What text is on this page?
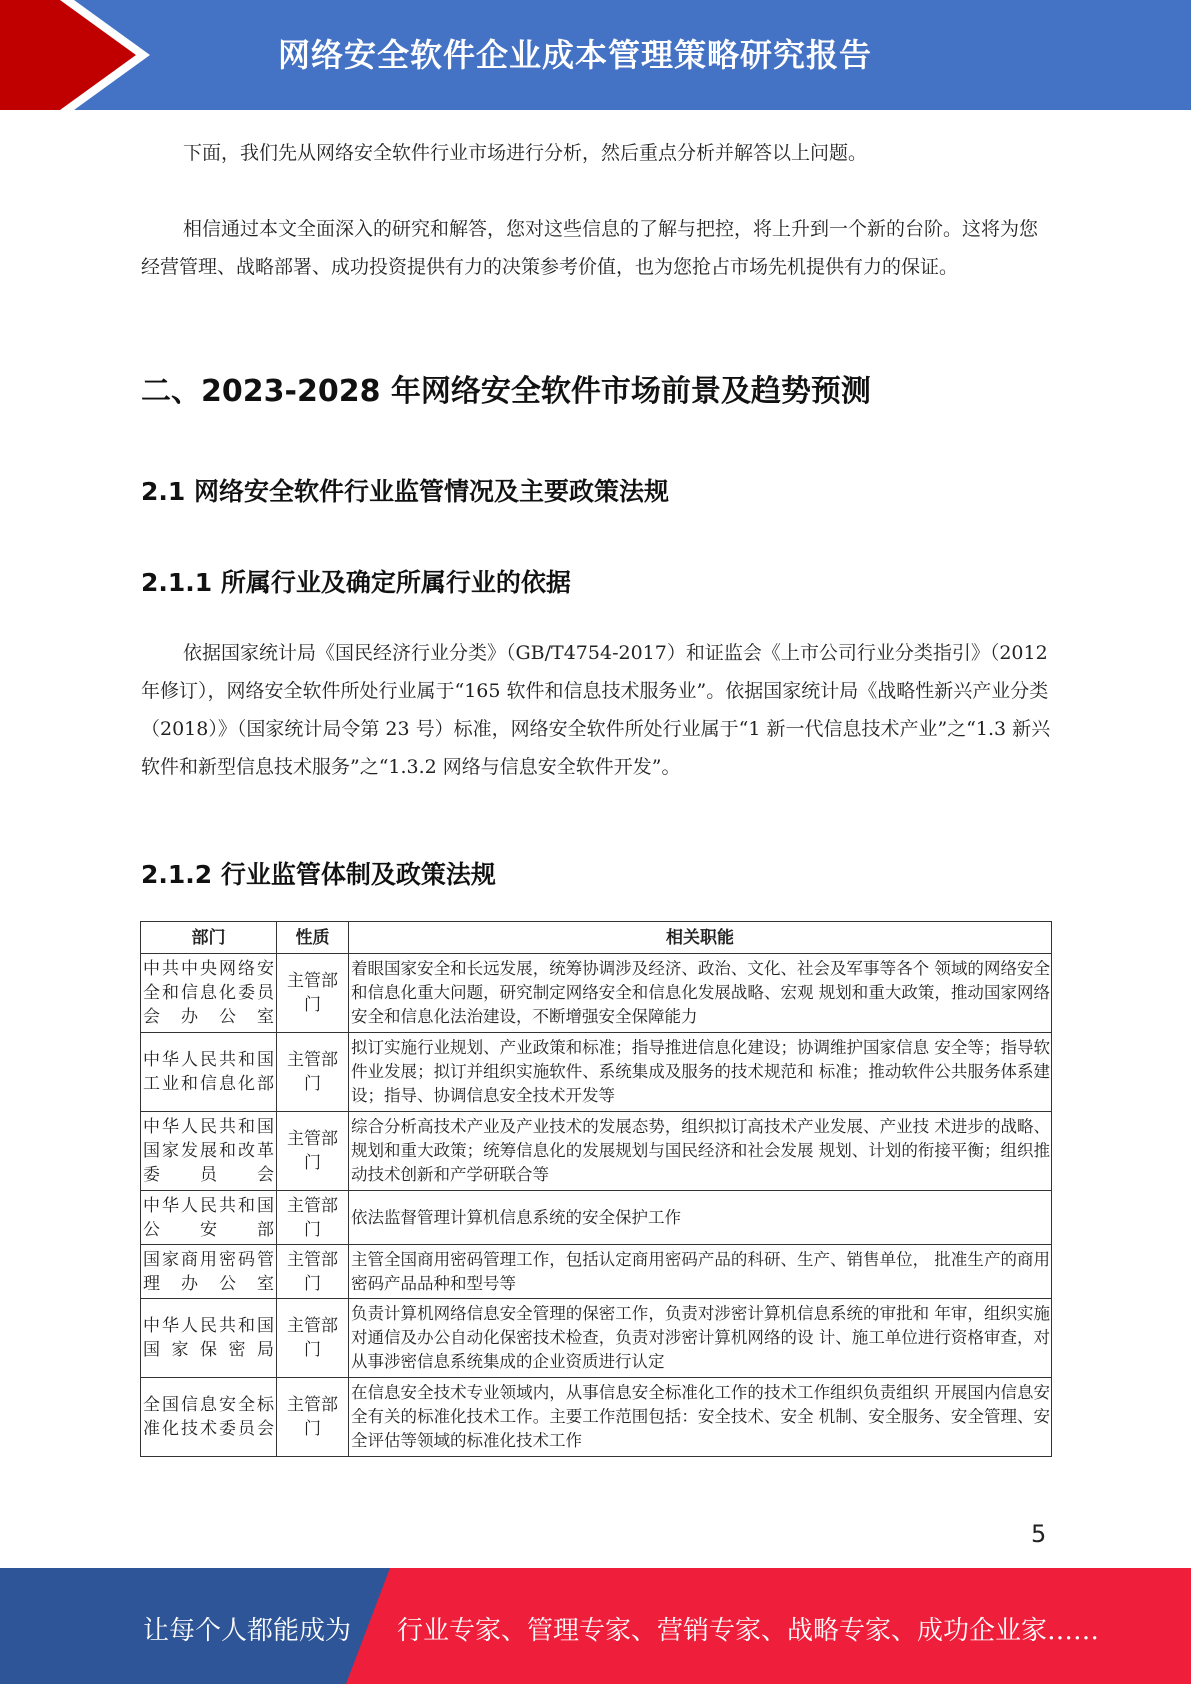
网络安全软件企业成本管理策略研究报告

下面，我们先从网络安全软件行业市场进行分析，然后重点分析并解答以上问题。

相信通过本文全面深入的研究和解答，您对这些信息的了解与把控，将上升到一个新的台阶。这将为您经营管理、战略部署、成功投资提供有力的决策参考价值，也为您抢占市场先机提供有力的保证。

二、2023-2028 年网络安全软件市场前景及趋势预测
2.1 网络安全软件行业监管情况及主要政策法规
2.1.1 所属行业及确定所属行业的依据

依据国家统计局《国民经济行业分类》（GB/T4754-2017）和证监会《上市公司行业分类指引》（2012 年修订），网络安全软件所处行业属于“165 软件和信息技术服务业”。依据国家统计局《战略性新兴产业分类（2018）》（国家统计局令第 23 号）标准，网络安全软件所处行业属于“1 新一代信息技术产业”之“1.3 新兴软件和新型信息技术服务”之“1.3.2 网络与信息安全软件开发”。

2.1.2 行业监管体制及政策法规
部门	性质	相关职能
中共中央网络安全和信息化委员会办公室	主管部门	着眼国家安全和长远发展，统筹协调涉及经济、政治、文化、社会及军事等各个 领域的网络安全和信息化重大问题，研究制定网络安全和信息化发展战略、宏观 规划和重大政策，推动国家网络安全和信息化法治建设，不断增强安全保障能力
中华人民共和国工业和信息化部	主管部门	拟订实施行业规划、产业政策和标准；指导推进信息化建设；协调维护国家信息 安全等；指导软件业发展；拟订并组织实施软件、系统集成及服务的技术规范和 标准；推动软件公共服务体系建设；指导、协调信息安全技术开发等
中华人民共和国国家发展和改革委员会	主管部门	综合分析高技术产业及产业技术的发展态势，组织拟订高技术产业发展、产业技 术进步的战略、规划和重大政策；统筹信息化的发展规划与国民经济和社会发展 规划、计划的衔接平衡；组织推动技术创新和产学研联合等
中华人民共和国公安部	主管部门	依法监督管理计算机信息系统的安全保护工作
国家商用密码管理办公室	主管部门	主管全国商用密码管理工作，包括认定商用密码产品的科研、生产、销售单位， 批准生产的商用密码产品品种和型号等
中华人民共和国国家保密局	主管部门	负责计算机网络信息安全管理的保密工作，负责对涉密计算机信息系统的审批和 年审，组织实施对通信及办公自动化保密技术检查，负责对涉密计算机网络的设 计、施工单位进行资格审查，对从事涉密信息系统集成的企业资质进行认定
全国信息安全标准化技术委员会	主管部门	在信息安全技术专业领域内，从事信息安全标准化工作的技术工作组织负责组织 开展国内信息安全有关的标准化技术工作。主要工作范围包括：安全技术、安全 机制、安全服务、安全管理、安全评估等领域的标准化技术工作
5
让每个人都能成为 行业专家、管理专家、营销专家、战略专家、成功企业家……
